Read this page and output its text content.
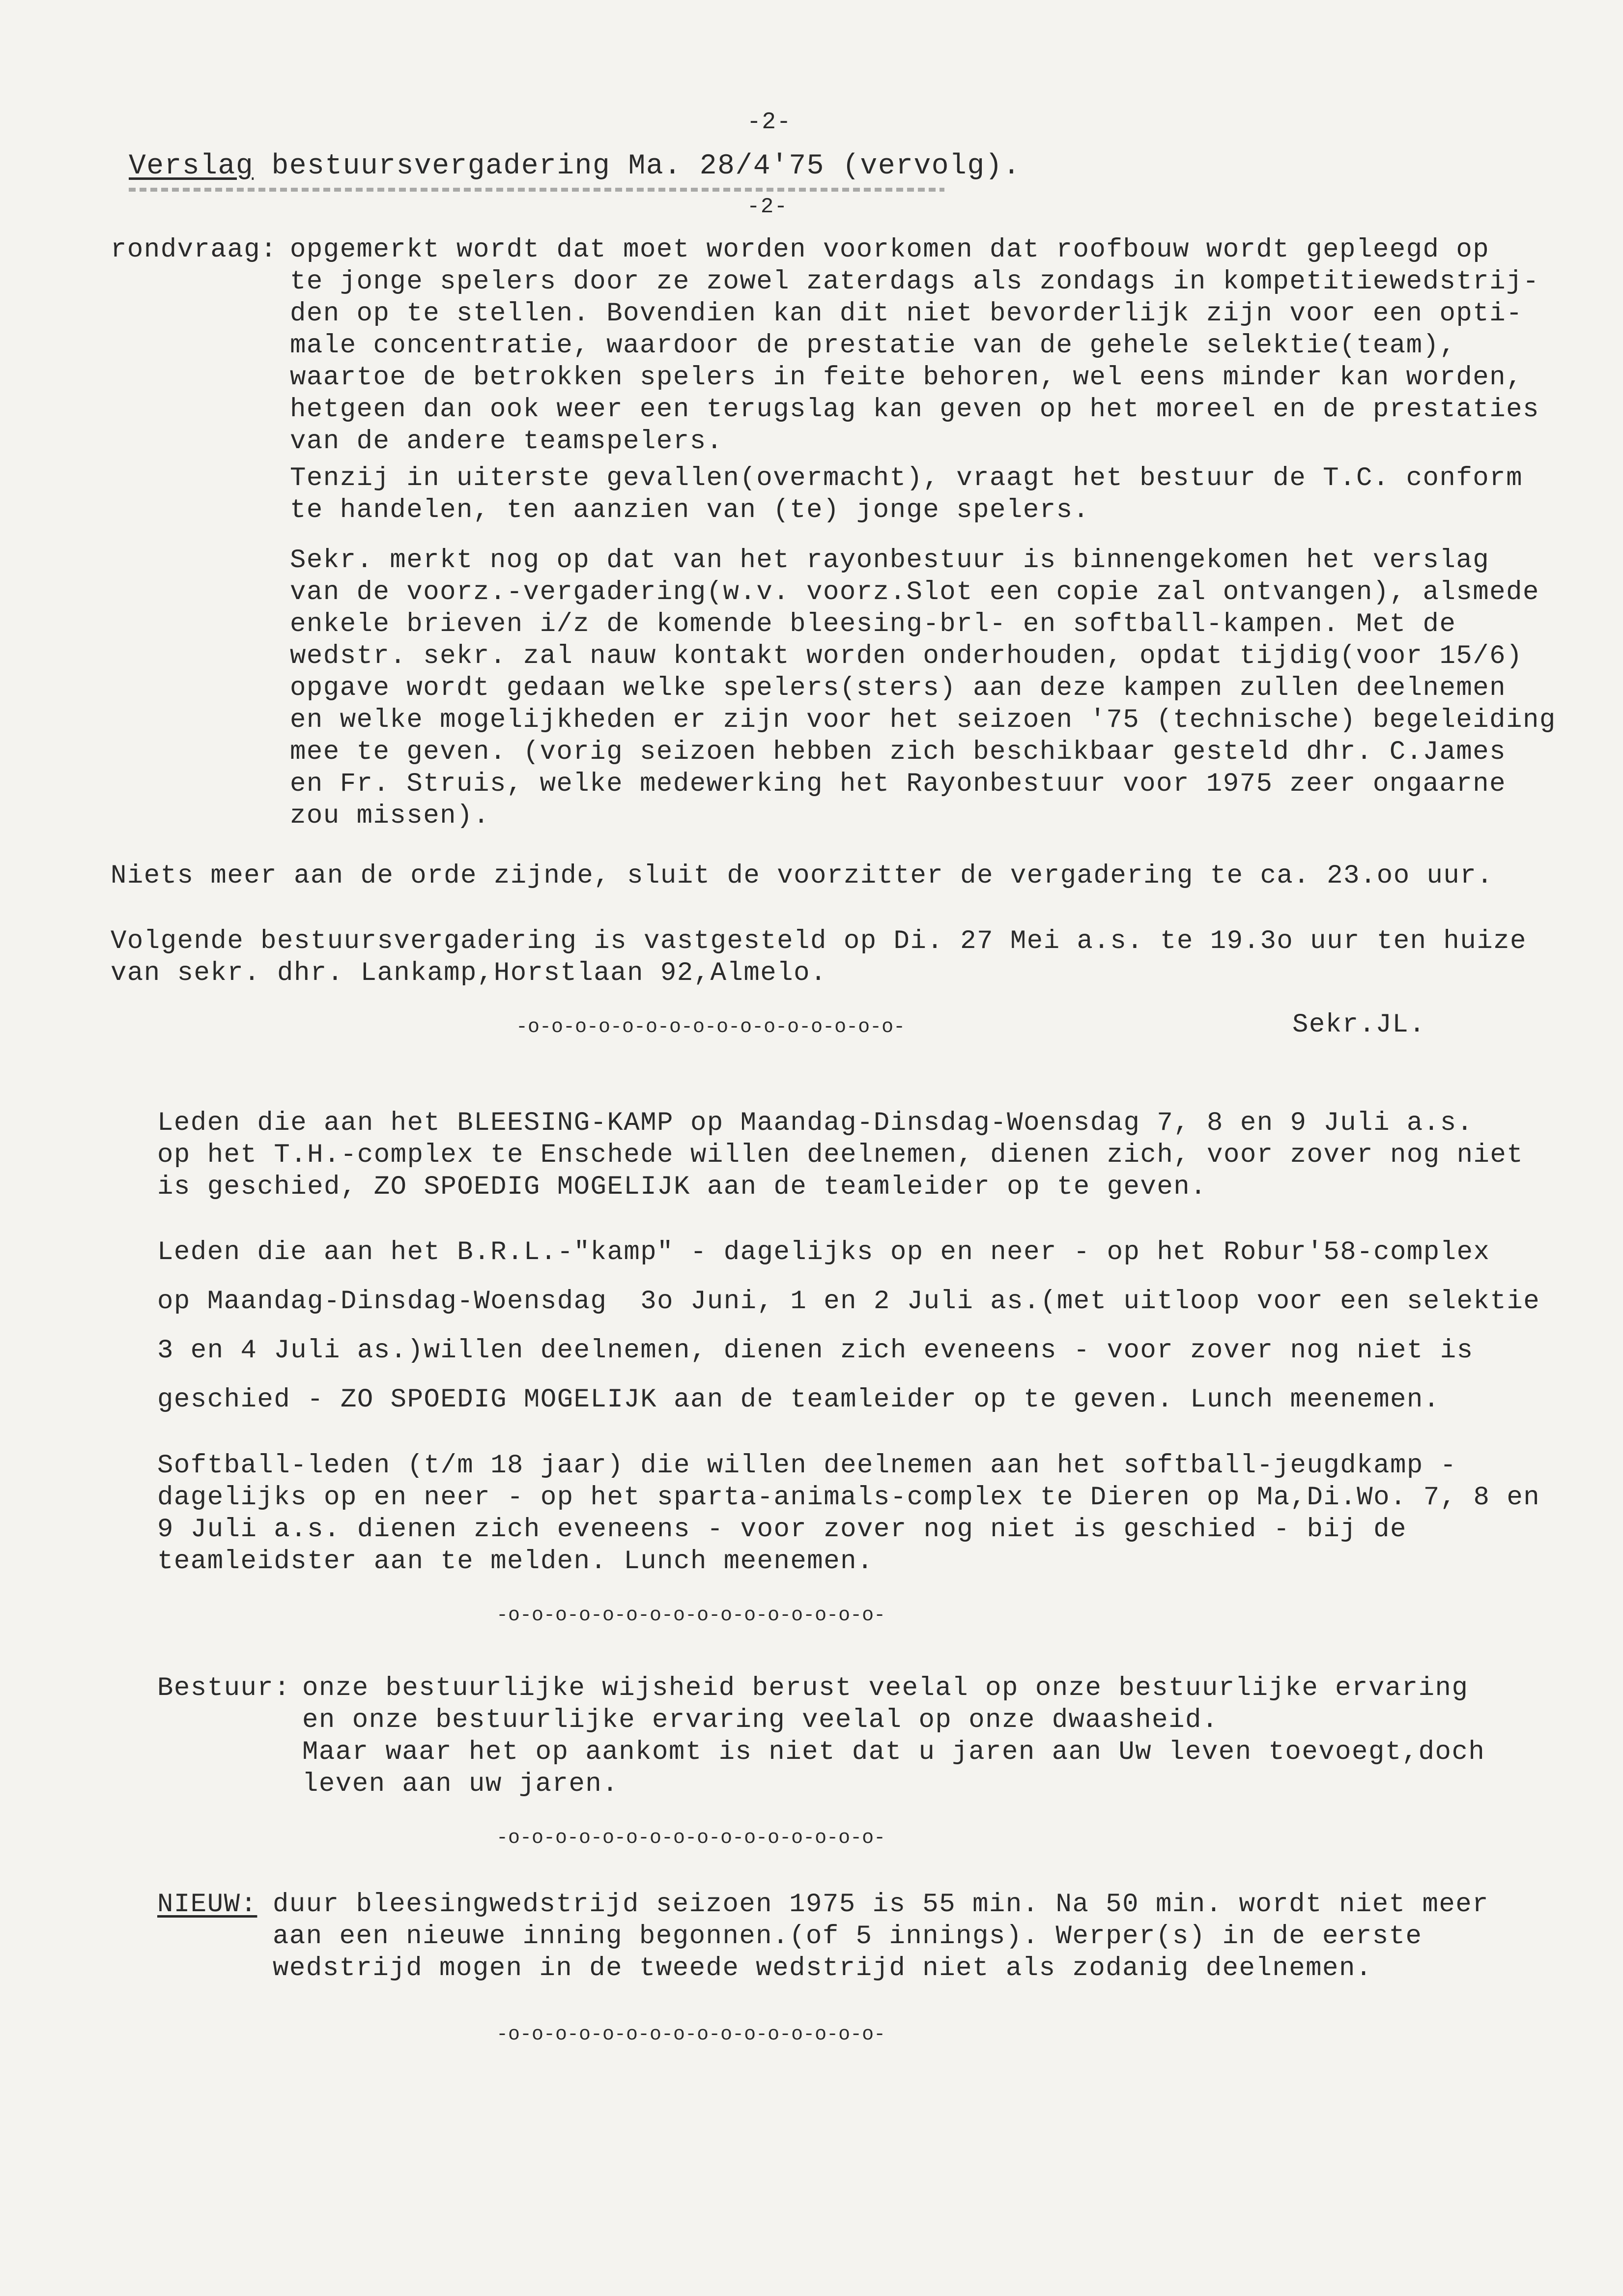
-2-
Verslag bestuursvergadering Ma. 28/4'75 (vervolg).
-2-
rondvraag: opgemerkt wordt dat moet worden voorkomen dat roofbouw wordt gepleegd op
te jonge spelers door ze zowel zaterdags als zondags in kompetitiewedstrij-
den op te stellen. Bovendien kan dit niet bevorderlijk zijn voor een opti-
male concentratie, waardoor de prestatie van de gehele selektie(team),
waartoe de betrokken spelers in feite behoren, wel eens minder kan worden,
hetgeen dan ook weer een terugslag kan geven op het moreel en de prestaties
van de andere teamspelers.
Tenzij in uiterste gevallen(overmacht), vraagt het bestuur de T.C. conform
te handelen, ten aanzien van (te) jonge spelers.
Sekr. merkt nog op dat van het rayonbestuur is binnengekomen het verslag
van de voorz.-vergadering(w.v. voorz.Slot een copie zal ontvangen), alsmede
enkele brieven i/z de komende bleesing-brl- en softball-kampen. Met de
wedstr. sekr. zal nauw kontakt worden onderhouden, opdat tijdig(voor 15/6)
opgave wordt gedaan welke spelers(sters) aan deze kampen zullen deelnemen
en welke mogelijkheden er zijn voor het seizoen '75 (technische) begeleiding
mee te geven. (vorig seizoen hebben zich beschikbaar gesteld dhr. C.James
en Fr. Struis, welke medewerking het Rayonbestuur voor 1975 zeer ongaarne
zou missen).
Niets meer aan de orde zijnde, sluit de voorzitter de vergadering te ca. 23.oo uur.
Volgende bestuursvergadering is vastgesteld op Di. 27 Mei a.s. te 19.3o uur ten huize
van sekr. dhr. Lankamp,Horstlaan 92,Almelo.
-o-o-o-o-o-o-o-o-o-o-o-o-o-o-o-o-	Sekr.JL.
Leden die aan het BLEESING-KAMP op Maandag-Dinsdag-Woensdag 7, 8 en 9 Juli a.s.
op het T.H.-complex te Enschede willen deelnemen, dienen zich, voor zover nog niet
is geschied, ZO SPOEDIG MOGELIJK aan de teamleider op te geven.
Leden die aan het B.R.L.-"kamp" - dagelijks op en neer - op het Robur'58-complex
op Maandag-Dinsdag-Woensdag  3o Juni, 1 en 2 Juli as.(met uitloop voor een selektie
3 en 4 Juli as.)willen deelnemen, dienen zich eveneens - voor zover nog niet is
geschied - ZO SPOEDIG MOGELIJK aan de teamleider op te geven. Lunch meenemen.
Softball-leden (t/m 18 jaar) die willen deelnemen aan het softball-jeugdkamp -
dagelijks op en neer - op het sparta-animals-complex te Dieren op Ma,Di.Wo. 7, 8 en
9 Juli a.s. dienen zich eveneens - voor zover nog niet is geschied - bij de
teamleidster aan te melden. Lunch meenemen.
-o-o-o-o-o-o-o-o-o-o-o-o-o-o-o-o-
Bestuur: onze bestuurlijke wijsheid berust veelal op onze bestuurlijke ervaring
en onze bestuurlijke ervaring veelal op onze dwaasheid.
Maar waar het op aankomt is niet dat u jaren aan Uw leven toevoegt,doch
leven aan uw jaren.
-o-o-o-o-o-o-o-o-o-o-o-o-o-o-o-o-
NIEUW: duur bleesingwedstrijd seizoen 1975 is 55 min. Na 50 min. wordt niet meer
aan een nieuwe inning begonnen.(of 5 innings). Werper(s) in de eerste
wedstrijd mogen in de tweede wedstrijd niet als zodanig deelnemen.
-o-o-o-o-o-o-o-o-o-o-o-o-o-o-o-o-
